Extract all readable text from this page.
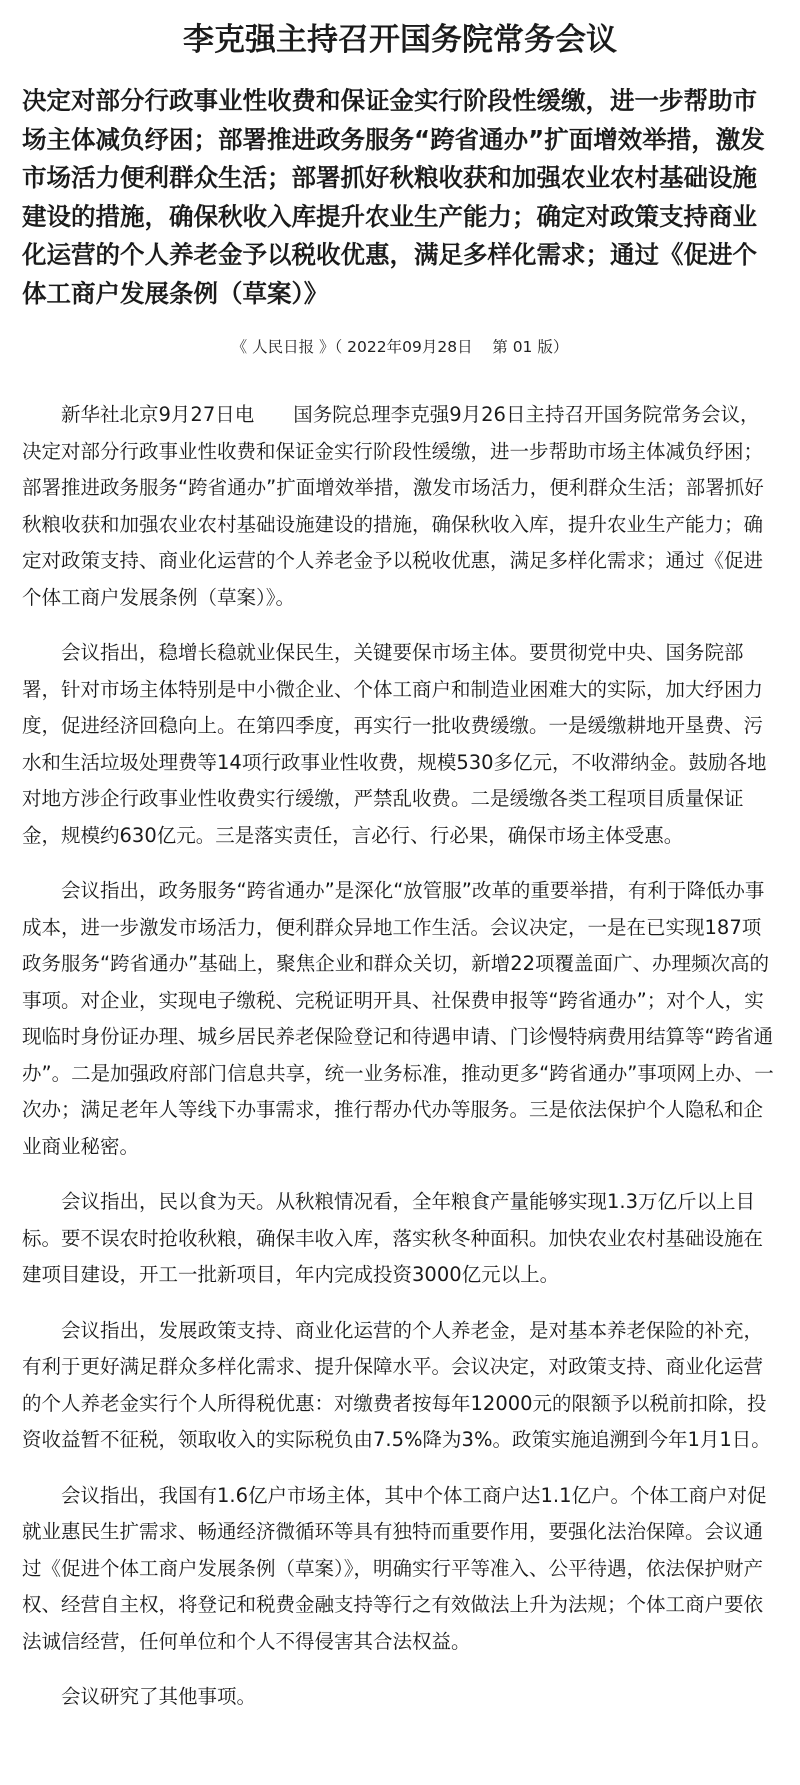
李克强主持召开国务院常务会议
决定对部分行政事业性收费和保证金实行阶段性缓缴，进一步帮助市场主体减负纾困；部署推进政务服务“跨省通办”扩面增效举措，激发市场活力便利群众生活；部署抓好秋粮收获和加强农业农村基础设施建设的措施，确保秋收入库提升农业生产能力；确定对政策支持商业化运营的个人养老金予以税收优惠，满足多样化需求；通过《促进个体工商户发展条例（草案）》
《 人民日报 》（ 2022年09月28日    第 01 版）

新华社北京9月27日电　　国务院总理李克强9月26日主持召开国务院常务会议，决定对部分行政事业性收费和保证金实行阶段性缓缴，进一步帮助市场主体减负纾困；部署推进政务服务“跨省通办”扩面增效举措，激发市场活力，便利群众生活；部署抓好秋粮收获和加强农业农村基础设施建设的措施，确保秋收入库，提升农业生产能力；确定对政策支持、商业化运营的个人养老金予以税收优惠，满足多样化需求；通过《促进个体工商户发展条例（草案）》。

会议指出，稳增长稳就业保民生，关键要保市场主体。要贯彻党中央、国务院部署，针对市场主体特别是中小微企业、个体工商户和制造业困难大的实际，加大纾困力度，促进经济回稳向上。在第四季度，再实行一批收费缓缴。一是缓缴耕地开垦费、污水和生活垃圾处理费等14项行政事业性收费，规模530多亿元，不收滞纳金。鼓励各地对地方涉企行政事业性收费实行缓缴，严禁乱收费。二是缓缴各类工程项目质量保证金，规模约630亿元。三是落实责任，言必行、行必果，确保市场主体受惠。

会议指出，政务服务“跨省通办”是深化“放管服”改革的重要举措，有利于降低办事成本，进一步激发市场活力，便利群众异地工作生活。会议决定，一是在已实现187项政务服务“跨省通办”基础上，聚焦企业和群众关切，新增22项覆盖面广、办理频次高的事项。对企业，实现电子缴税、完税证明开具、社保费申报等“跨省通办”；对个人，实现临时身份证办理、城乡居民养老保险登记和待遇申请、门诊慢特病费用结算等“跨省通办”。二是加强政府部门信息共享，统一业务标准，推动更多“跨省通办”事项网上办、一次办；满足老年人等线下办事需求，推行帮办代办等服务。三是依法保护个人隐私和企业商业秘密。

会议指出，民以食为天。从秋粮情况看，全年粮食产量能够实现1.3万亿斤以上目标。要不误农时抢收秋粮，确保丰收入库，落实秋冬种面积。加快农业农村基础设施在建项目建设，开工一批新项目，年内完成投资3000亿元以上。

会议指出，发展政策支持、商业化运营的个人养老金，是对基本养老保险的补充，有利于更好满足群众多样化需求、提升保障水平。会议决定，对政策支持、商业化运营的个人养老金实行个人所得税优惠：对缴费者按每年12000元的限额予以税前扣除，投资收益暂不征税，领取收入的实际税负由7.5%降为3%。政策实施追溯到今年1月1日。

会议指出，我国有1.6亿户市场主体，其中个体工商户达1.1亿户。个体工商户对促就业惠民生扩需求、畅通经济微循环等具有独特而重要作用，要强化法治保障。会议通过《促进个体工商户发展条例（草案）》，明确实行平等准入、公平待遇，依法保护财产权、经营自主权，将登记和税费金融支持等行之有效做法上升为法规；个体工商户要依法诚信经营，任何单位和个人不得侵害其合法权益。

会议研究了其他事项。
